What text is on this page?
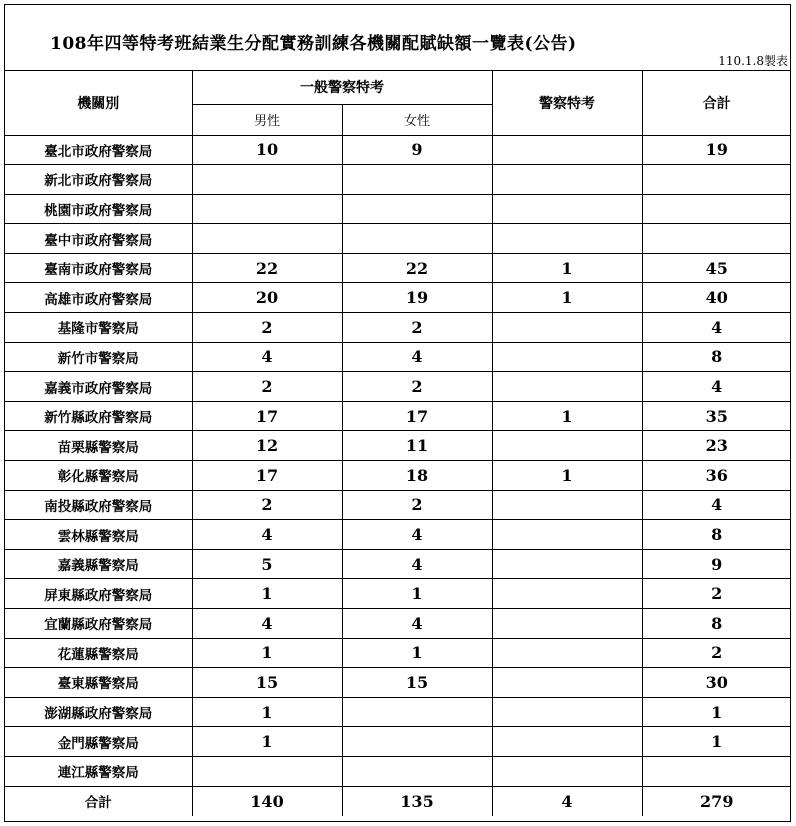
108年四等特考班結業生分配實務訓練各機關配賦缺額一覽表(公告)
110.1.8製表
機關別	一般警察特考		警察特考	合計
	男性	女性		
臺北市政府警察局	10	9		19
新北市政府警察局				
桃園市政府警察局				
臺中市政府警察局				
臺南市政府警察局	22	22	1	45
高雄市政府警察局	20	19	1	40
基隆市警察局	2	2		4
新竹市警察局	4	4		8
嘉義市政府警察局	2	2		4
新竹縣政府警察局	17	17	1	35
苗栗縣警察局	12	11		23
彰化縣警察局	17	18	1	36
南投縣政府警察局	2	2		4
雲林縣警察局	4	4		8
嘉義縣警察局	5	4		9
屏東縣政府警察局	1	1		2
宜蘭縣政府警察局	4	4		8
花蓮縣警察局	1	1		2
臺東縣警察局	15	15		30
澎湖縣政府警察局	1			1
金門縣警察局	1			1
連江縣警察局				
合計	140	135	4	279
